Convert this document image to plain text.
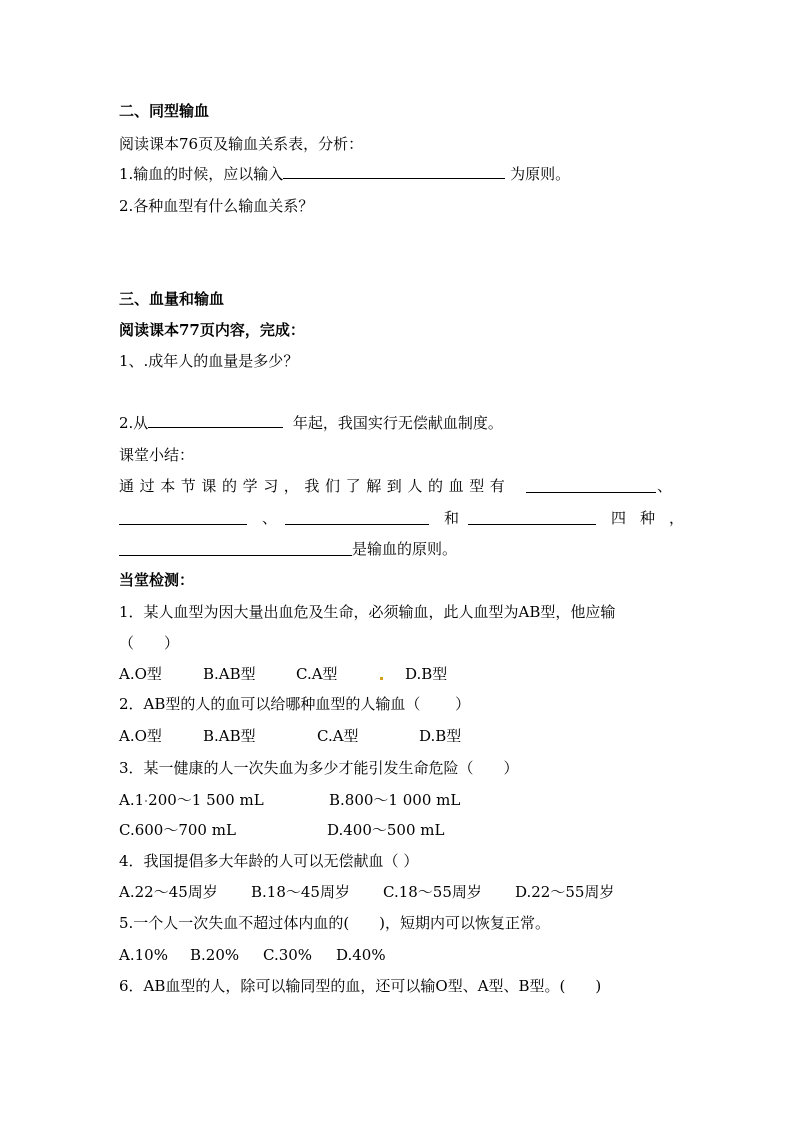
二、同型输血
阅读课本76页及输血关系表，分析：
1.输血的时候，应以输入	为原则。
2.各种血型有什么输血关系？
三、血量和输血
阅读课本77页内容，完成：
1、.成年人的血量是多少？
2.从	年起，我国实行无偿献血制度。
课堂小结：
通过本节课的学习，我们了解到人的血型有	、
、	和	四种，
是输血的原则。
当堂检测：
1．某人血型为因大量出血危及生命，必须输血，此人血型为AB型，他应输
（　　）
A.O型	B.AB型	C.A型	D.B型
2．AB型的人的血可以给哪种血型的人输血（　　 ）
A.O型	B.AB型	C.A型	D.B型
3．某一健康的人一次失血为多少才能引发生命危险（　　）
A.1 200～1 500 mL	B.800～1 000 mL
C.600～700 mL	D.400～500 mL
4．我国提倡多大年龄的人可以无偿献血（ ）
A.22～45周岁 B.18～45周岁 C.18～55周岁 D.22～55周岁
5.一个人一次失血不超过体内血的(　　)，短期内可以恢复正常。
A.10% B.20% C.30% D.40%
6．AB血型的人，除可以输同型的血，还可以输O型、A型、B型。(　　)
